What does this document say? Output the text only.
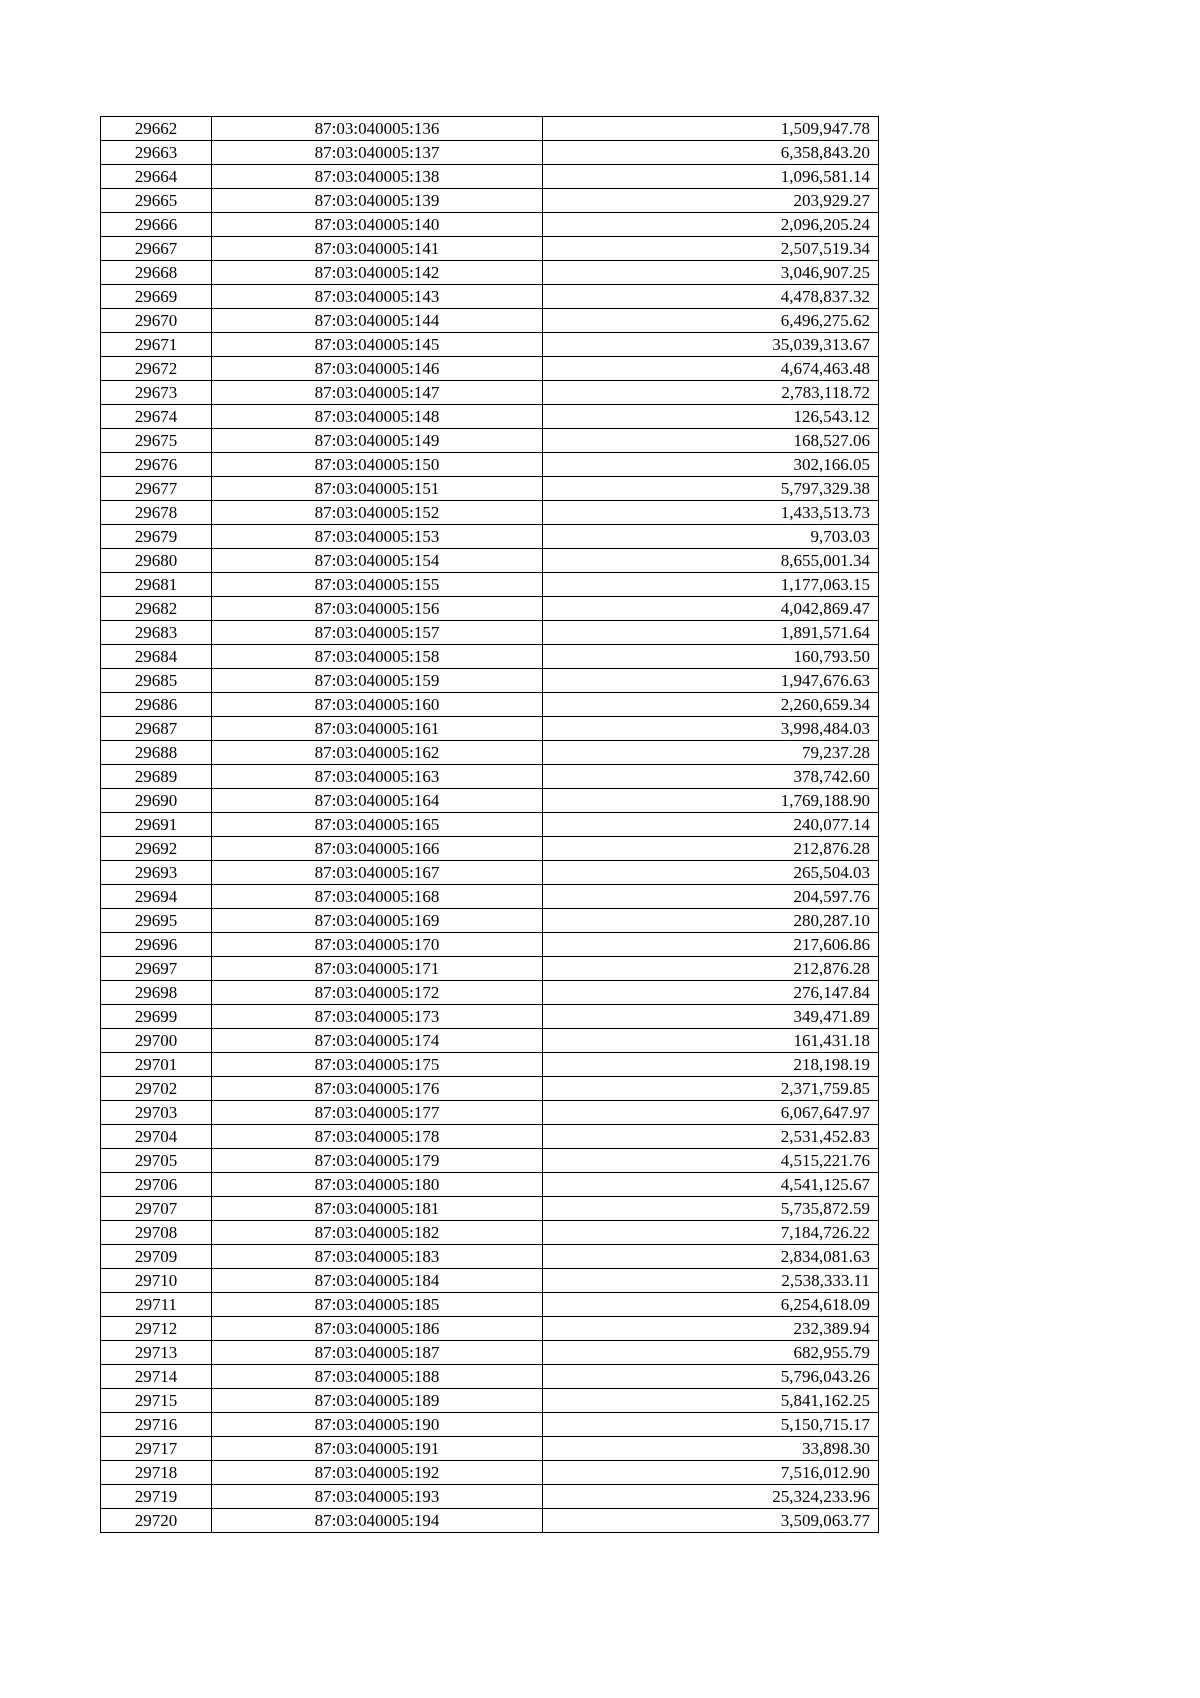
29662	87:03:040005:136	1,509,947.78
29663	87:03:040005:137	6,358,843.20
29664	87:03:040005:138	1,096,581.14
29665	87:03:040005:139	203,929.27
29666	87:03:040005:140	2,096,205.24
29667	87:03:040005:141	2,507,519.34
29668	87:03:040005:142	3,046,907.25
29669	87:03:040005:143	4,478,837.32
29670	87:03:040005:144	6,496,275.62
29671	87:03:040005:145	35,039,313.67
29672	87:03:040005:146	4,674,463.48
29673	87:03:040005:147	2,783,118.72
29674	87:03:040005:148	126,543.12
29675	87:03:040005:149	168,527.06
29676	87:03:040005:150	302,166.05
29677	87:03:040005:151	5,797,329.38
29678	87:03:040005:152	1,433,513.73
29679	87:03:040005:153	9,703.03
29680	87:03:040005:154	8,655,001.34
29681	87:03:040005:155	1,177,063.15
29682	87:03:040005:156	4,042,869.47
29683	87:03:040005:157	1,891,571.64
29684	87:03:040005:158	160,793.50
29685	87:03:040005:159	1,947,676.63
29686	87:03:040005:160	2,260,659.34
29687	87:03:040005:161	3,998,484.03
29688	87:03:040005:162	79,237.28
29689	87:03:040005:163	378,742.60
29690	87:03:040005:164	1,769,188.90
29691	87:03:040005:165	240,077.14
29692	87:03:040005:166	212,876.28
29693	87:03:040005:167	265,504.03
29694	87:03:040005:168	204,597.76
29695	87:03:040005:169	280,287.10
29696	87:03:040005:170	217,606.86
29697	87:03:040005:171	212,876.28
29698	87:03:040005:172	276,147.84
29699	87:03:040005:173	349,471.89
29700	87:03:040005:174	161,431.18
29701	87:03:040005:175	218,198.19
29702	87:03:040005:176	2,371,759.85
29703	87:03:040005:177	6,067,647.97
29704	87:03:040005:178	2,531,452.83
29705	87:03:040005:179	4,515,221.76
29706	87:03:040005:180	4,541,125.67
29707	87:03:040005:181	5,735,872.59
29708	87:03:040005:182	7,184,726.22
29709	87:03:040005:183	2,834,081.63
29710	87:03:040005:184	2,538,333.11
29711	87:03:040005:185	6,254,618.09
29712	87:03:040005:186	232,389.94
29713	87:03:040005:187	682,955.79
29714	87:03:040005:188	5,796,043.26
29715	87:03:040005:189	5,841,162.25
29716	87:03:040005:190	5,150,715.17
29717	87:03:040005:191	33,898.30
29718	87:03:040005:192	7,516,012.90
29719	87:03:040005:193	25,324,233.96
29720	87:03:040005:194	3,509,063.77
